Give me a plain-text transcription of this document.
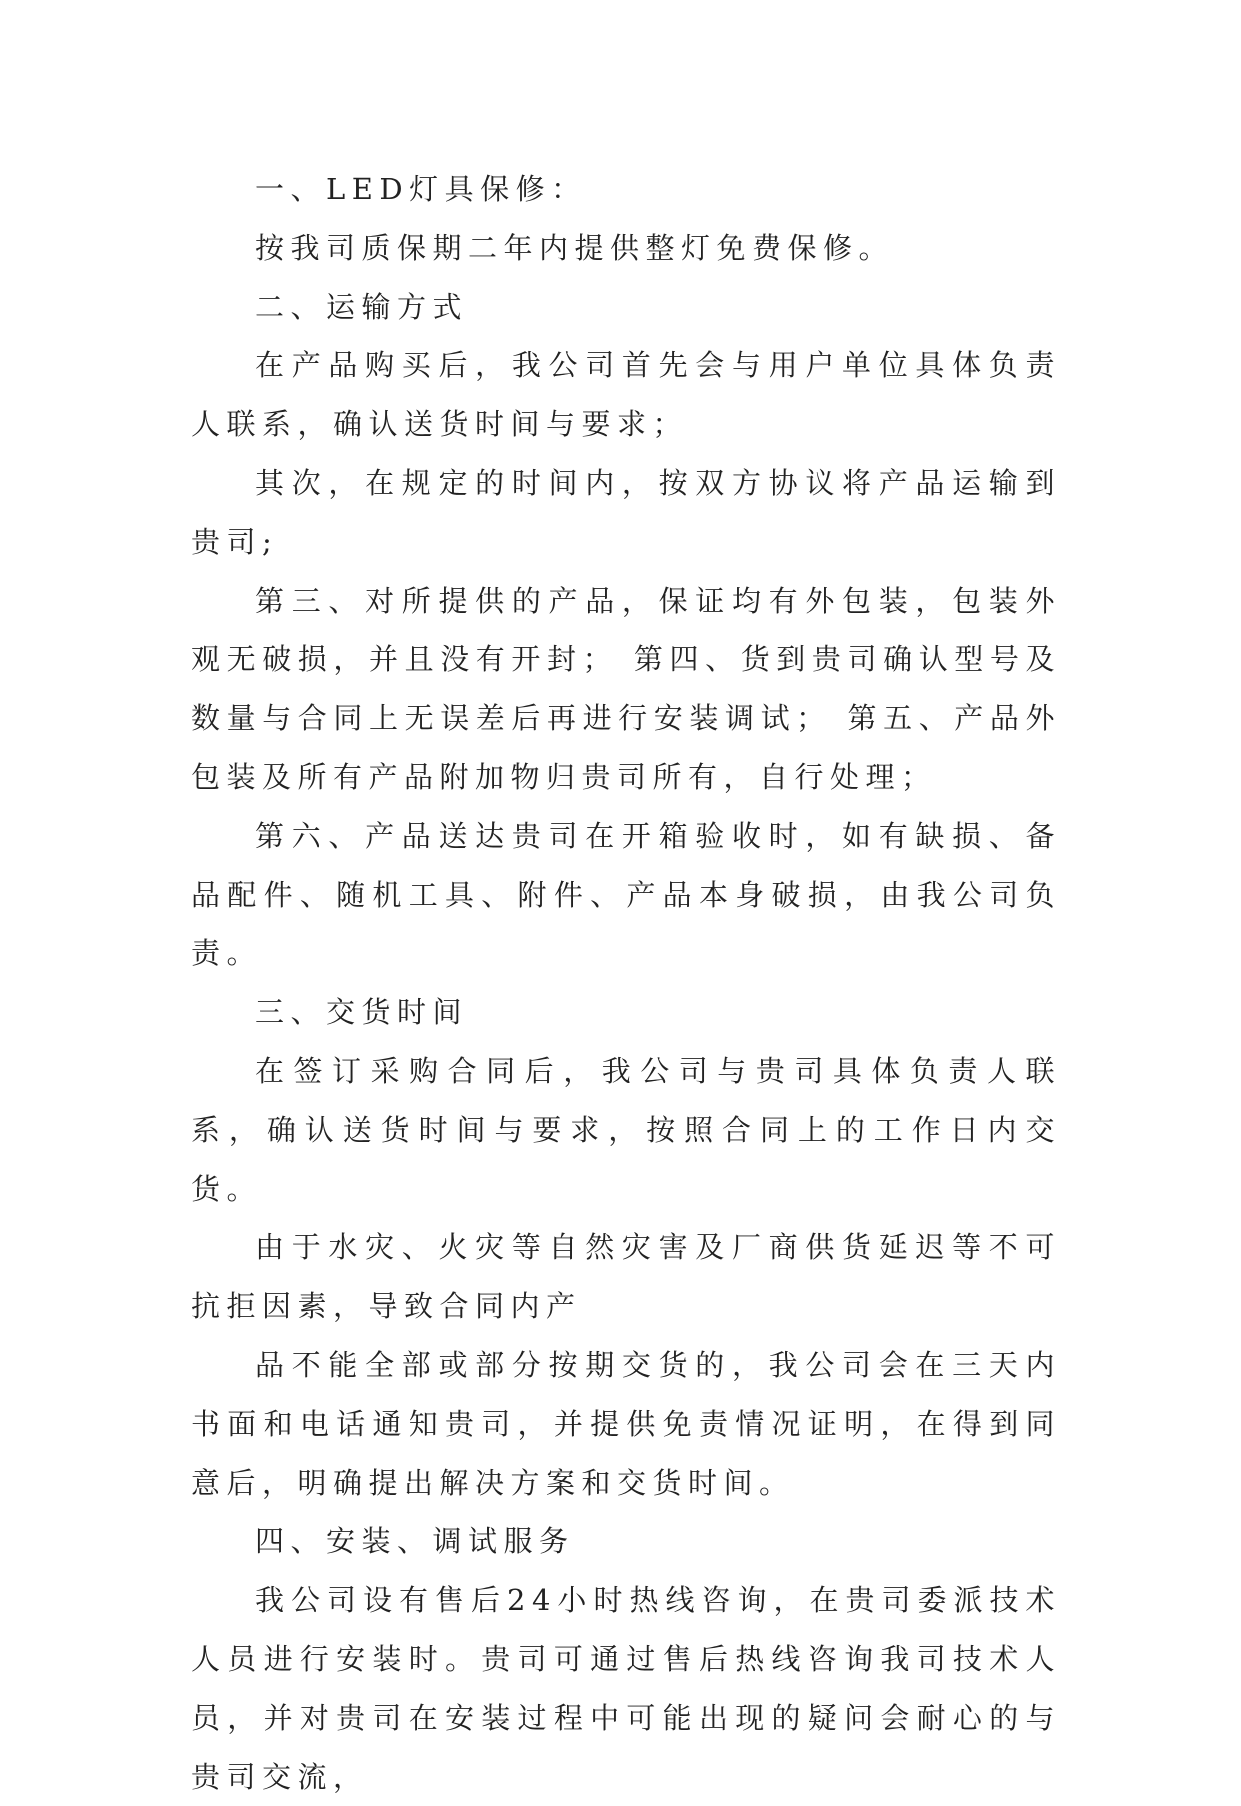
一、LED灯具保修：

按我司质保期二年内提供整灯免费保修。

二、运输方式

在产品购买后，我公司首先会与用户单位具体负责人联系，确认送货时间与要求；

其次，在规定的时间内，按双方协议将产品运输到贵司;

第三、对所提供的产品，保证均有外包装，包装外观无破损，并且没有开封； 第四、货到贵司确认型号及数量与合同上无误差后再进行安装调试； 第五、产品外包装及所有产品附加物归贵司所有，自行处理；

第六、产品送达贵司在开箱验收时，如有缺损、备品配件、随机工具、附件、产品本身破损，由我公司负责。

三、交货时间

在签订采购合同后，我公司与贵司具体负责人联系，确认送货时间与要求，按照合同上的工作日内交货。

由于水灾、火灾等自然灾害及厂商供货延迟等不可抗拒因素，导致合同内产

品不能全部或部分按期交货的，我公司会在三天内书面和电话通知贵司，并提供免责情况证明，在得到同意后，明确提出解决方案和交货时间。

四、安装、调试服务

我公司设有售后24小时热线咨询，在贵司委派技术人员进行安装时。贵司可通过售后热线咨询我司技术人员，并对贵司在安装过程中可能出现的疑问会耐心的与贵司交流，
